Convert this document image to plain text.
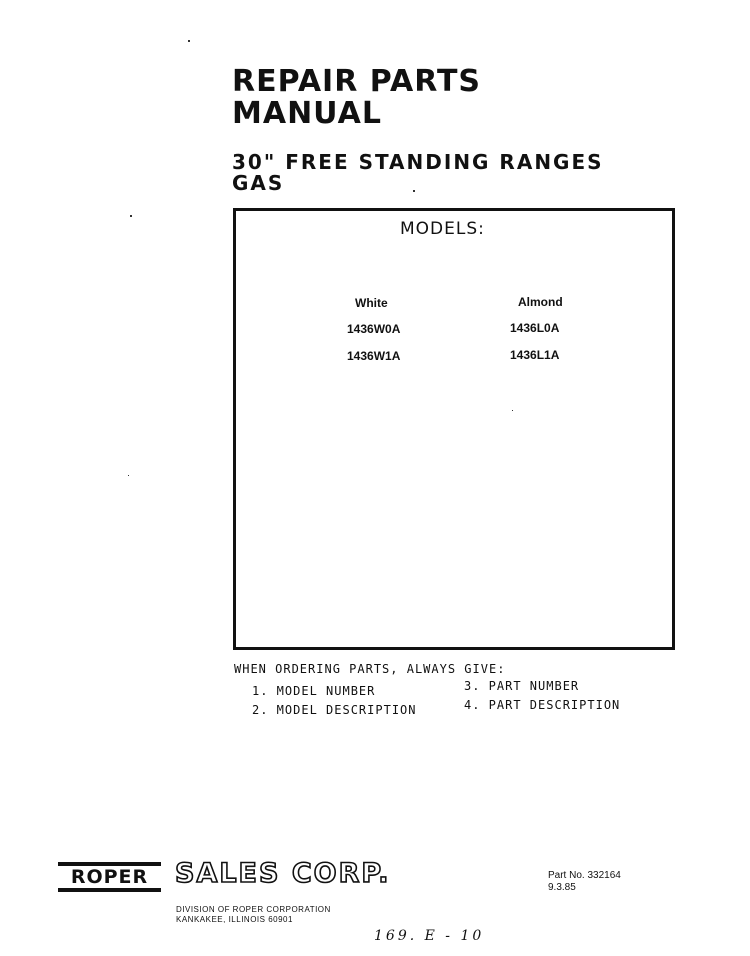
REPAIR PARTS
MANUAL
30" FREE STANDING RANGES
GAS
MODELS:
White	Almond
1436W0A
1436W1A
1436L0A
1436L1A
WHEN ORDERING PARTS, ALWAYS GIVE:
1. MODEL NUMBER
2. MODEL DESCRIPTION
3. PART NUMBER
4. PART DESCRIPTION
ROPER SALES CORP.
DIVISION OF ROPER CORPORATION
KANKAKEE, ILLINOIS 60901
Part No. 332164
9.3.85
169. E - 10
